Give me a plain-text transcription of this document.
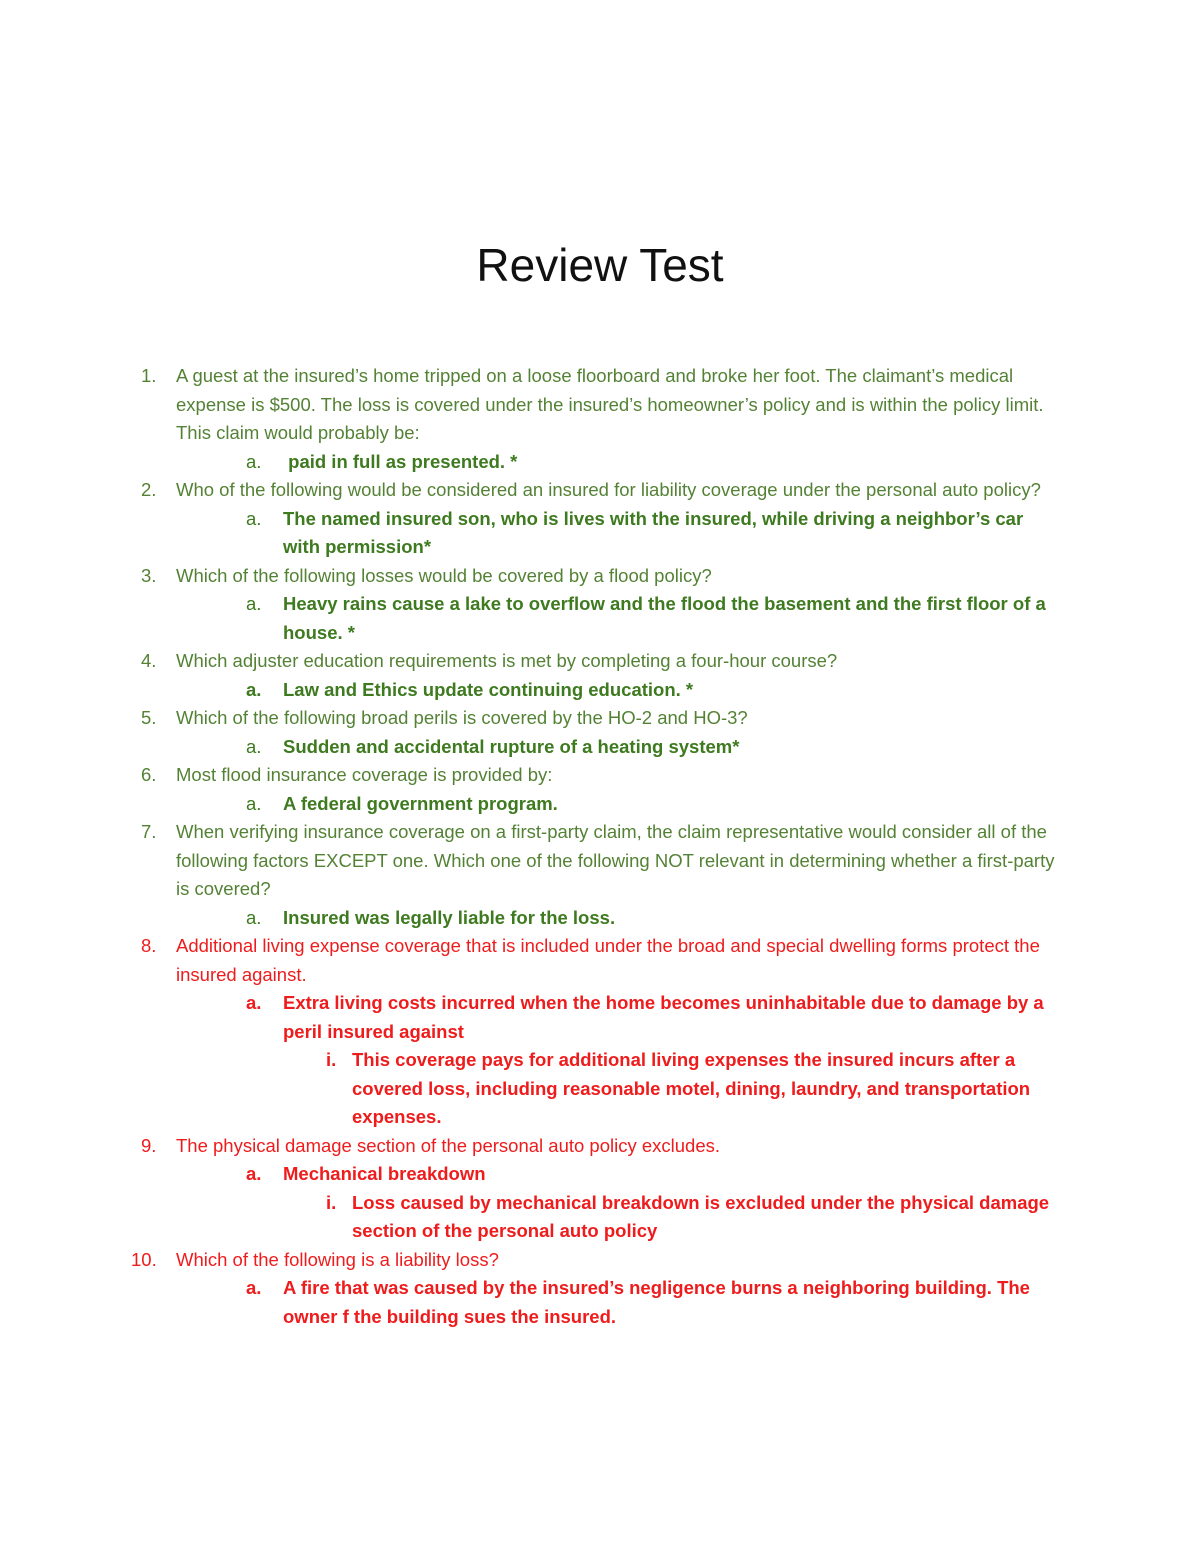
Review Test
1. A guest at the insured’s home tripped on a loose floorboard and broke her foot. The claimant’s medical expense is $500. The loss is covered under the insured’s homeowner’s policy and is within the policy limit. This claim would probably be:
a. paid in full as presented. *
2. Who of the following would be considered an insured for liability coverage under the personal auto policy?
a. The named insured son, who is lives with the insured, while driving a neighbor’s car with permission*
3. Which of the following losses would be covered by a flood policy?
a. Heavy rains cause a lake to overflow and the flood the basement and the first floor of a house. *
4. Which adjuster education requirements is met by completing a four-hour course?
a. Law and Ethics update continuing education. *
5. Which of the following broad perils is covered by the HO-2 and HO-3?
a. Sudden and accidental rupture of a heating system*
6. Most flood insurance coverage is provided by:
a. A federal government program.
7. When verifying insurance coverage on a first-party claim, the claim representative would consider all of the following factors EXCEPT one. Which one of the following NOT relevant in determining whether a first-party is covered?
a. Insured was legally liable for the loss.
8. Additional living expense coverage that is included under the broad and special dwelling forms protect the insured against.
a. Extra living costs incurred when the home becomes uninhabitable due to damage by a peril insured against
i. This coverage pays for additional living expenses the insured incurs after a covered loss, including reasonable motel, dining, laundry, and transportation expenses.
9. The physical damage section of the personal auto policy excludes.
a. Mechanical breakdown
i. Loss caused by mechanical breakdown is excluded under the physical damage section of the personal auto policy
10. Which of the following is a liability loss?
a. A fire that was caused by the insured’s negligence burns a neighboring building. The owner f the building sues the insured.
